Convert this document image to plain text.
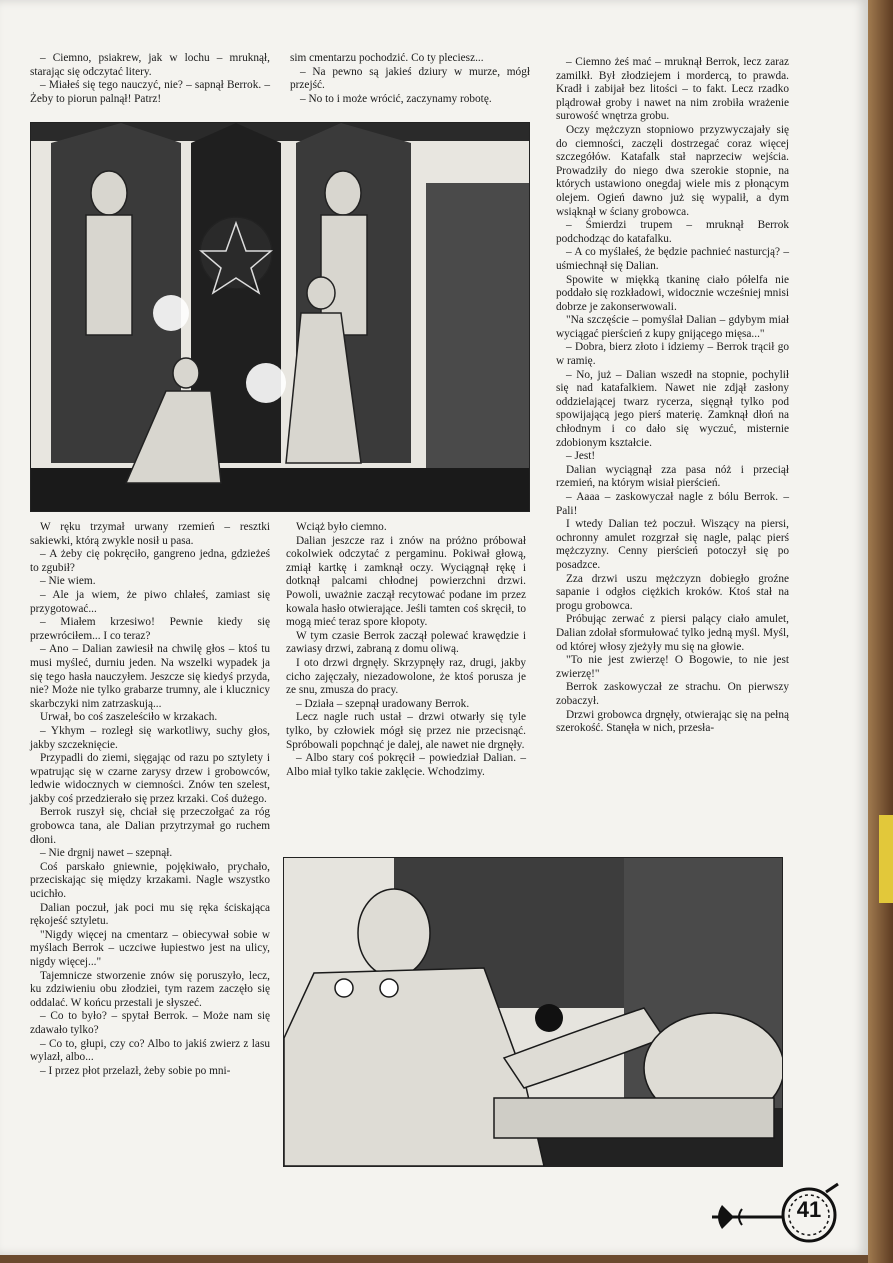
– Ciemno, psiakrew, jak w lochu – mruknął, starając się odczytać litery.

– Miałeś się tego nauczyć, nie? – sapnął Berrok. – Żeby to piorun palnął! Patrz!

sim cmentarzu pochodzić. Co ty pleciesz...

– Na pewno są jakieś dziury w murze, mógł przejść.

– No to i może wrócić, zaczynamy robotę.

– Ciemno żeś mać – mruknął Berrok, lecz zaraz zamilkł. Był złodziejem i mordercą, to prawda. Kradł i zabijał bez litości – to fakt. Lecz rzadko plądrował groby i nawet na nim zrobiła wrażenie surowość wnętrza grobu.

Oczy mężczyzn stopniowo przyzwyczajały się do ciemności, zaczęli dostrzegać coraz więcej szczegółów. Katafalk stał naprzeciw wejścia. Prowadziły do niego dwa szerokie stopnie, na których ustawiono onegdaj wiele mis z płonącym olejem. Ogień dawno już się wypalił, a dym wsiąknął w ściany grobowca.

– Śmierdzi trupem – mruknął Berrok podchodząc do katafalku.

– A co myślałeś, że będzie pachnieć nasturcją? – uśmiechnął się Dalian.

Spowite w miękką tkaninę ciało półelfa nie poddało się rozkładowi, widocznie wcześniej mnisi dobrze je zakonserwowali.

"Na szczęście – pomyślał Dalian – gdybym miał wyciągać pierścień z kupy gnijącego mięsa..."

– Dobra, bierz złoto i idziemy – Berrok trącił go w ramię.

– No, już – Dalian wszedł na stopnie, pochylił się nad katafalkiem. Nawet nie zdjął zasłony oddzielającej twarz rycerza, sięgnął tylko pod spowijającą jego pierś materię. Zamknął dłoń na chłodnym i co dało się wyczuć, misternie zdobionym kształcie.

– Jest!

Dalian wyciągnął zza pasa nóż i przeciął rzemień, na którym wisiał pierścień.

– Aaaa – zaskowyczał nagle z bólu Berrok. – Pali!

I wtedy Dalian też poczuł. Wiszący na piersi, ochronny amulet rozgrzał się nagle, paląc pierś mężczyzny. Cenny pierścień potoczył się po posadzce.

Zza drzwi uszu mężczyzn dobiegło groźne sapanie i odgłos ciężkich kroków. Ktoś stał na progu grobowca.

Próbując zerwać z piersi palący ciało amulet, Dalian zdołał sformułować tylko jedną myśl. Myśl, od której włosy zjeżyły mu się na głowie.

"To nie jest zwierzę! O Bogowie, to nie jest zwierzę!"

Berrok zaskowyczał ze strachu. On pierwszy zobaczył.

Drzwi grobowca drgnęły, otwierając się na pełną szerokość. Stanęła w nich, przesła-

W ręku trzymał urwany rzemień – resztki sakiewki, którą zwykle nosił u pasa.

– A żeby cię pokręciło, gangreno jedna, gdzieżeś to zgubił?

– Nie wiem.

– Ale ja wiem, że piwo chlałeś, zamiast się przygotować...

– Miałem krzesiwo! Pewnie kiedy się przewróciłem... I co teraz?

– Ano – Dalian zawiesił na chwilę głos – ktoś tu musi myśleć, durniu jeden. Na wszelki wypadek ja się tego hasła nauczyłem. Jeszcze się kiedyś przyda, nie? Może nie tylko grabarze trumny, ale i klucznicy skarbczyki nim zatrzaskują...

Urwał, bo coś zaszeleściło w krzakach.

– Ykhym – rozległ się warkotliwy, suchy głos, jakby szczeknięcie.

Przypadli do ziemi, sięgając od razu po sztylety i wpatrując się w czarne zarysy drzew i grobowców, ledwie widocznych w ciemności. Znów ten szelest, jakby coś przedzierało się przez krzaki. Coś dużego.

Berrok ruszył się, chciał się przeczołgać za róg grobowca tana, ale Dalian przytrzymał go ruchem dłoni.

– Nie drgnij nawet – szepnął.

Coś parskało gniewnie, pojękiwało, prychało, przeciskając się między krzakami. Nagle wszystko ucichło.

Dalian poczuł, jak poci mu się ręka ściskająca rękojeść sztyletu.

"Nigdy więcej na cmentarz – obiecywał sobie w myślach Berrok – uczciwe łupiestwo jest na ulicy, nigdy więcej..."

Tajemnicze stworzenie znów się poruszyło, lecz, ku zdziwieniu obu złodziei, tym razem zaczęło się oddalać. W końcu przestali je słyszeć.

– Co to było? – spytał Berrok. – Może nam się zdawało tylko?

– Co to, głupi, czy co? Albo to jakiś zwierz z lasu wylazł, albo...

– I przez płot przelazł, żeby sobie po mni-

Wciąż było ciemno.

Dalian jeszcze raz i znów na próżno próbował cokolwiek odczytać z pergaminu. Pokiwał głową, zmiął kartkę i zamknął oczy. Wyciągnął rękę i dotknął palcami chłodnej powierzchni drzwi. Powoli, uważnie zaczął recytować podane im przez kowala hasło otwierające. Jeśli tamten coś skręcił, to mogą mieć teraz spore kłopoty.

W tym czasie Berrok zaczął polewać krawędzie i zawiasy drzwi, zabraną z domu oliwą.

I oto drzwi drgnęły. Skrzypnęły raz, drugi, jakby cicho zajęczały, niezadowolone, że ktoś porusza je ze snu, zmusza do pracy.

– Działa – szepnął uradowany Berrok.

Lecz nagle ruch ustał – drzwi otwarły się tyle tylko, by człowiek mógł się przez nie przecisnąć. Spróbowali popchnąć je dalej, ale nawet nie drgnęły.

– Albo stary coś pokręcił – powiedział Dalian. – Albo miał tylko takie zaklęcie. Wchodzimy.

41
